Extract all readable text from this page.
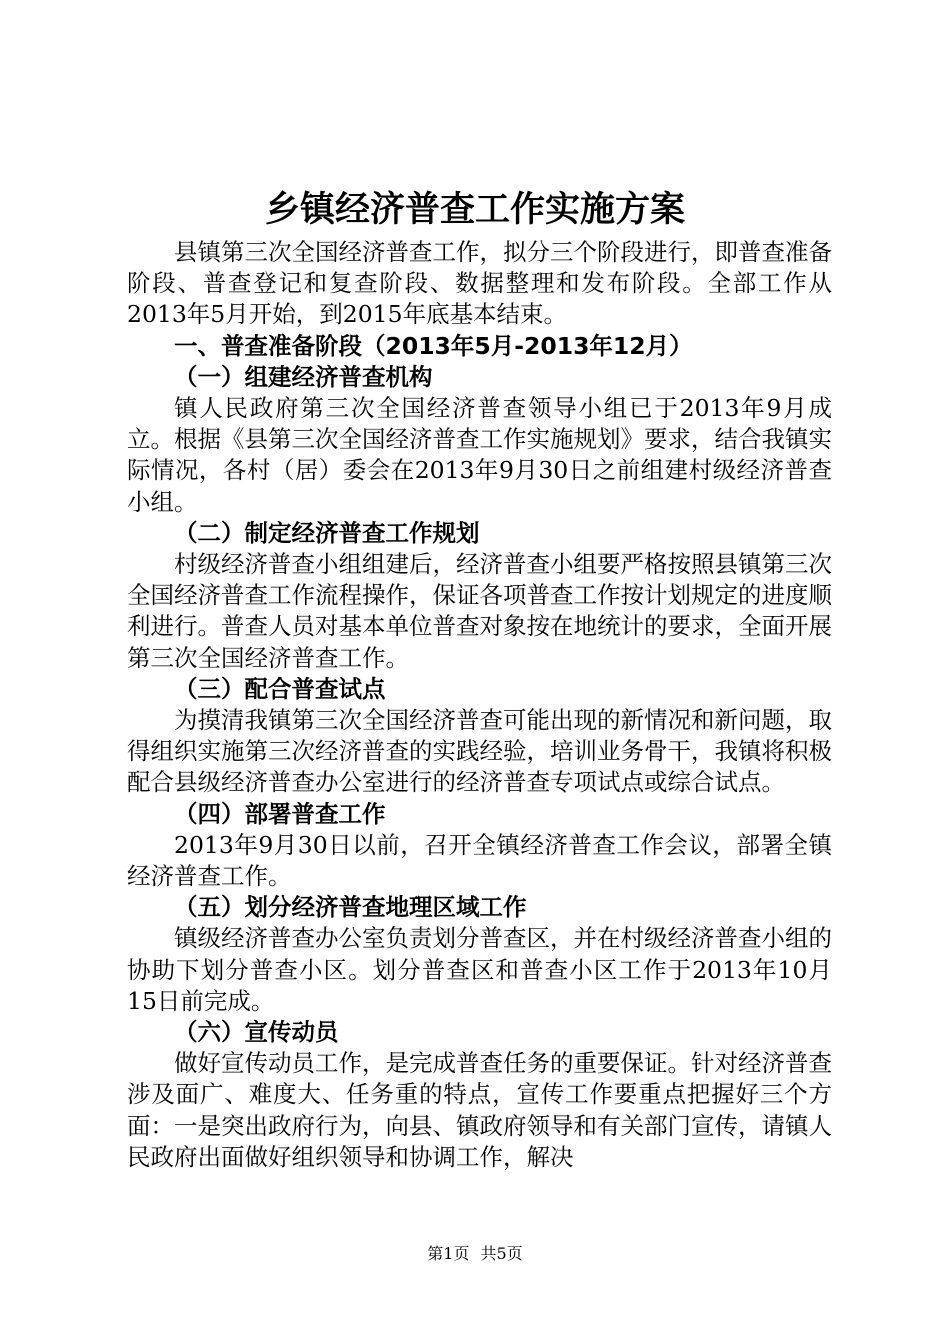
乡镇经济普查工作实施方案

县镇第三次全国经济普查工作，拟分三个阶段进行，即普查准备阶段、普查登记和复查阶段、数据整理和发布阶段。全部工作从2013年5月开始，到2015年底基本结束。

一、普查准备阶段（2013年5月-2013年12月）

（一）组建经济普查机构

镇人民政府第三次全国经济普查领导小组已于2013年9月成立。根据《县第三次全国经济普查工作实施规划》要求，结合我镇实际情况，各村（居）委会在2013年9月30日之前组建村级经济普查小组。

（二）制定经济普查工作规划

村级经济普查小组组建后，经济普查小组要严格按照县镇第三次全国经济普查工作流程操作，保证各项普查工作按计划规定的进度顺利进行。普查人员对基本单位普查对象按在地统计的要求，全面开展第三次全国经济普查工作。

（三）配合普查试点

为摸清我镇第三次全国经济普查可能出现的新情况和新问题，取得组织实施第三次经济普查的实践经验，培训业务骨干，我镇将积极配合县级经济普查办公室进行的经济普查专项试点或综合试点。

（四）部署普查工作

2013年9月30日以前，召开全镇经济普查工作会议，部署全镇经济普查工作。

（五）划分经济普查地理区域工作

镇级经济普查办公室负责划分普查区，并在村级经济普查小组的协助下划分普查小区。划分普查区和普查小区工作于2013年10月15日前完成。

（六）宣传动员

做好宣传动员工作，是完成普查任务的重要保证。针对经济普查涉及面广、难度大、任务重的特点，宣传工作要重点把握好三个方面：一是突出政府行为，向县、镇政府领导和有关部门宣传，请镇人民政府出面做好组织领导和协调工作，解决

第1页 共5页
